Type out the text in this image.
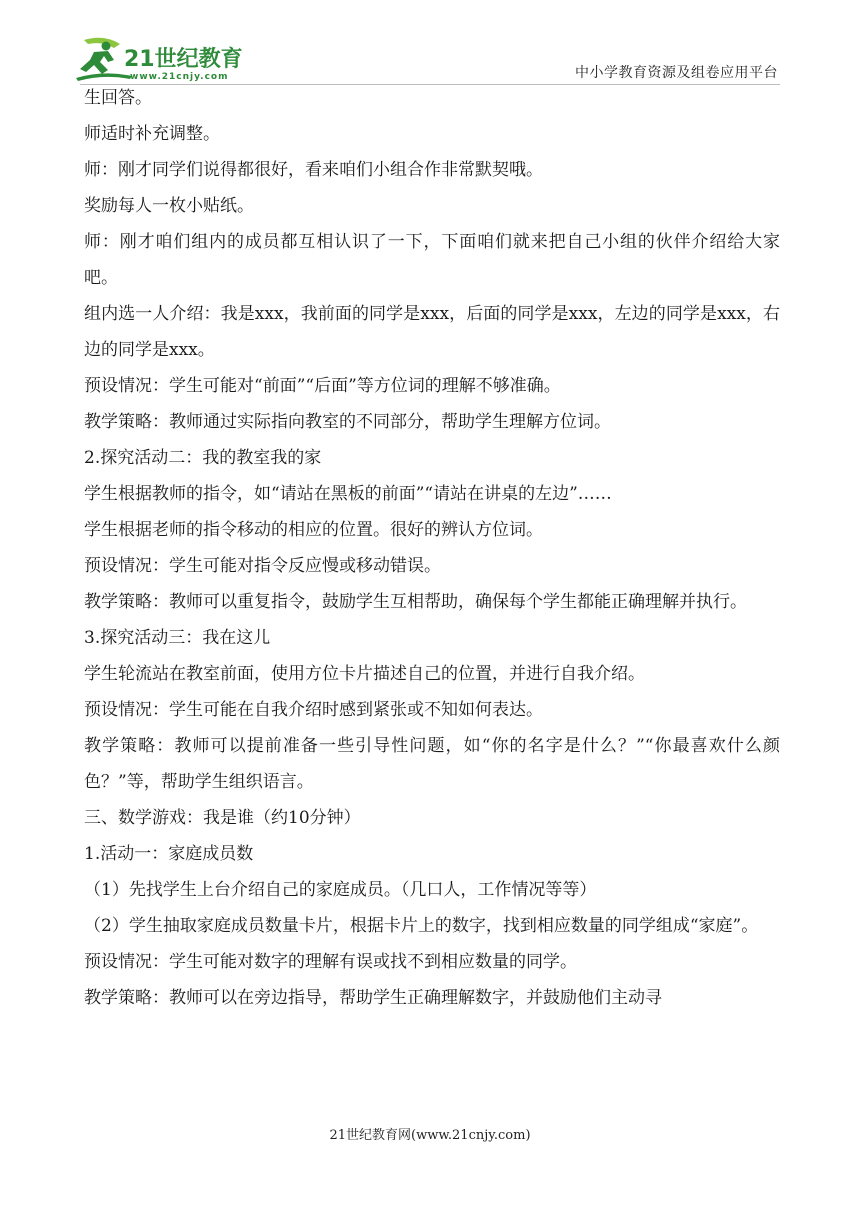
21世纪教育
www.21cnjy.com	中小学教育资源及组卷应用平台

生回答。

师适时补充调整。

师：刚才同学们说得都很好，看来咱们小组合作非常默契哦。

奖励每人一枚小贴纸。

师：刚才咱们组内的成员都互相认识了一下，下面咱们就来把自己小组的伙伴介绍给大家吧。

组内选一人介绍：我是xxx，我前面的同学是xxx，后面的同学是xxx，左边的同学是xxx，右边的同学是xxx。

预设情况：学生可能对“前面”“后面”等方位词的理解不够准确。

教学策略：教师通过实际指向教室的不同部分，帮助学生理解方位词。

2.探究活动二：我的教室我的家

学生根据教师的指令，如“请站在黑板的前面”“请站在讲桌的左边”……

学生根据老师的指令移动的相应的位置。很好的辨认方位词。

预设情况：学生可能对指令反应慢或移动错误。

教学策略：教师可以重复指令，鼓励学生互相帮助，确保每个学生都能正确理解并执行。

3.探究活动三：我在这儿

学生轮流站在教室前面，使用方位卡片描述自己的位置，并进行自我介绍。

预设情况：学生可能在自我介绍时感到紧张或不知如何表达。

教学策略：教师可以提前准备一些引导性问题，如“你的名字是什么？”“你最喜欢什么颜色？”等，帮助学生组织语言。

三、数学游戏：我是谁（约10分钟）

1.活动一：家庭成员数

（1）先找学生上台介绍自己的家庭成员。（几口人，工作情况等等）

（2）学生抽取家庭成员数量卡片，根据卡片上的数字，找到相应数量的同学组成“家庭”。

预设情况：学生可能对数字的理解有误或找不到相应数量的同学。

教学策略：教师可以在旁边指导，帮助学生正确理解数字，并鼓励他们主动寻

21世纪教育网(www.21cnjy.com)
